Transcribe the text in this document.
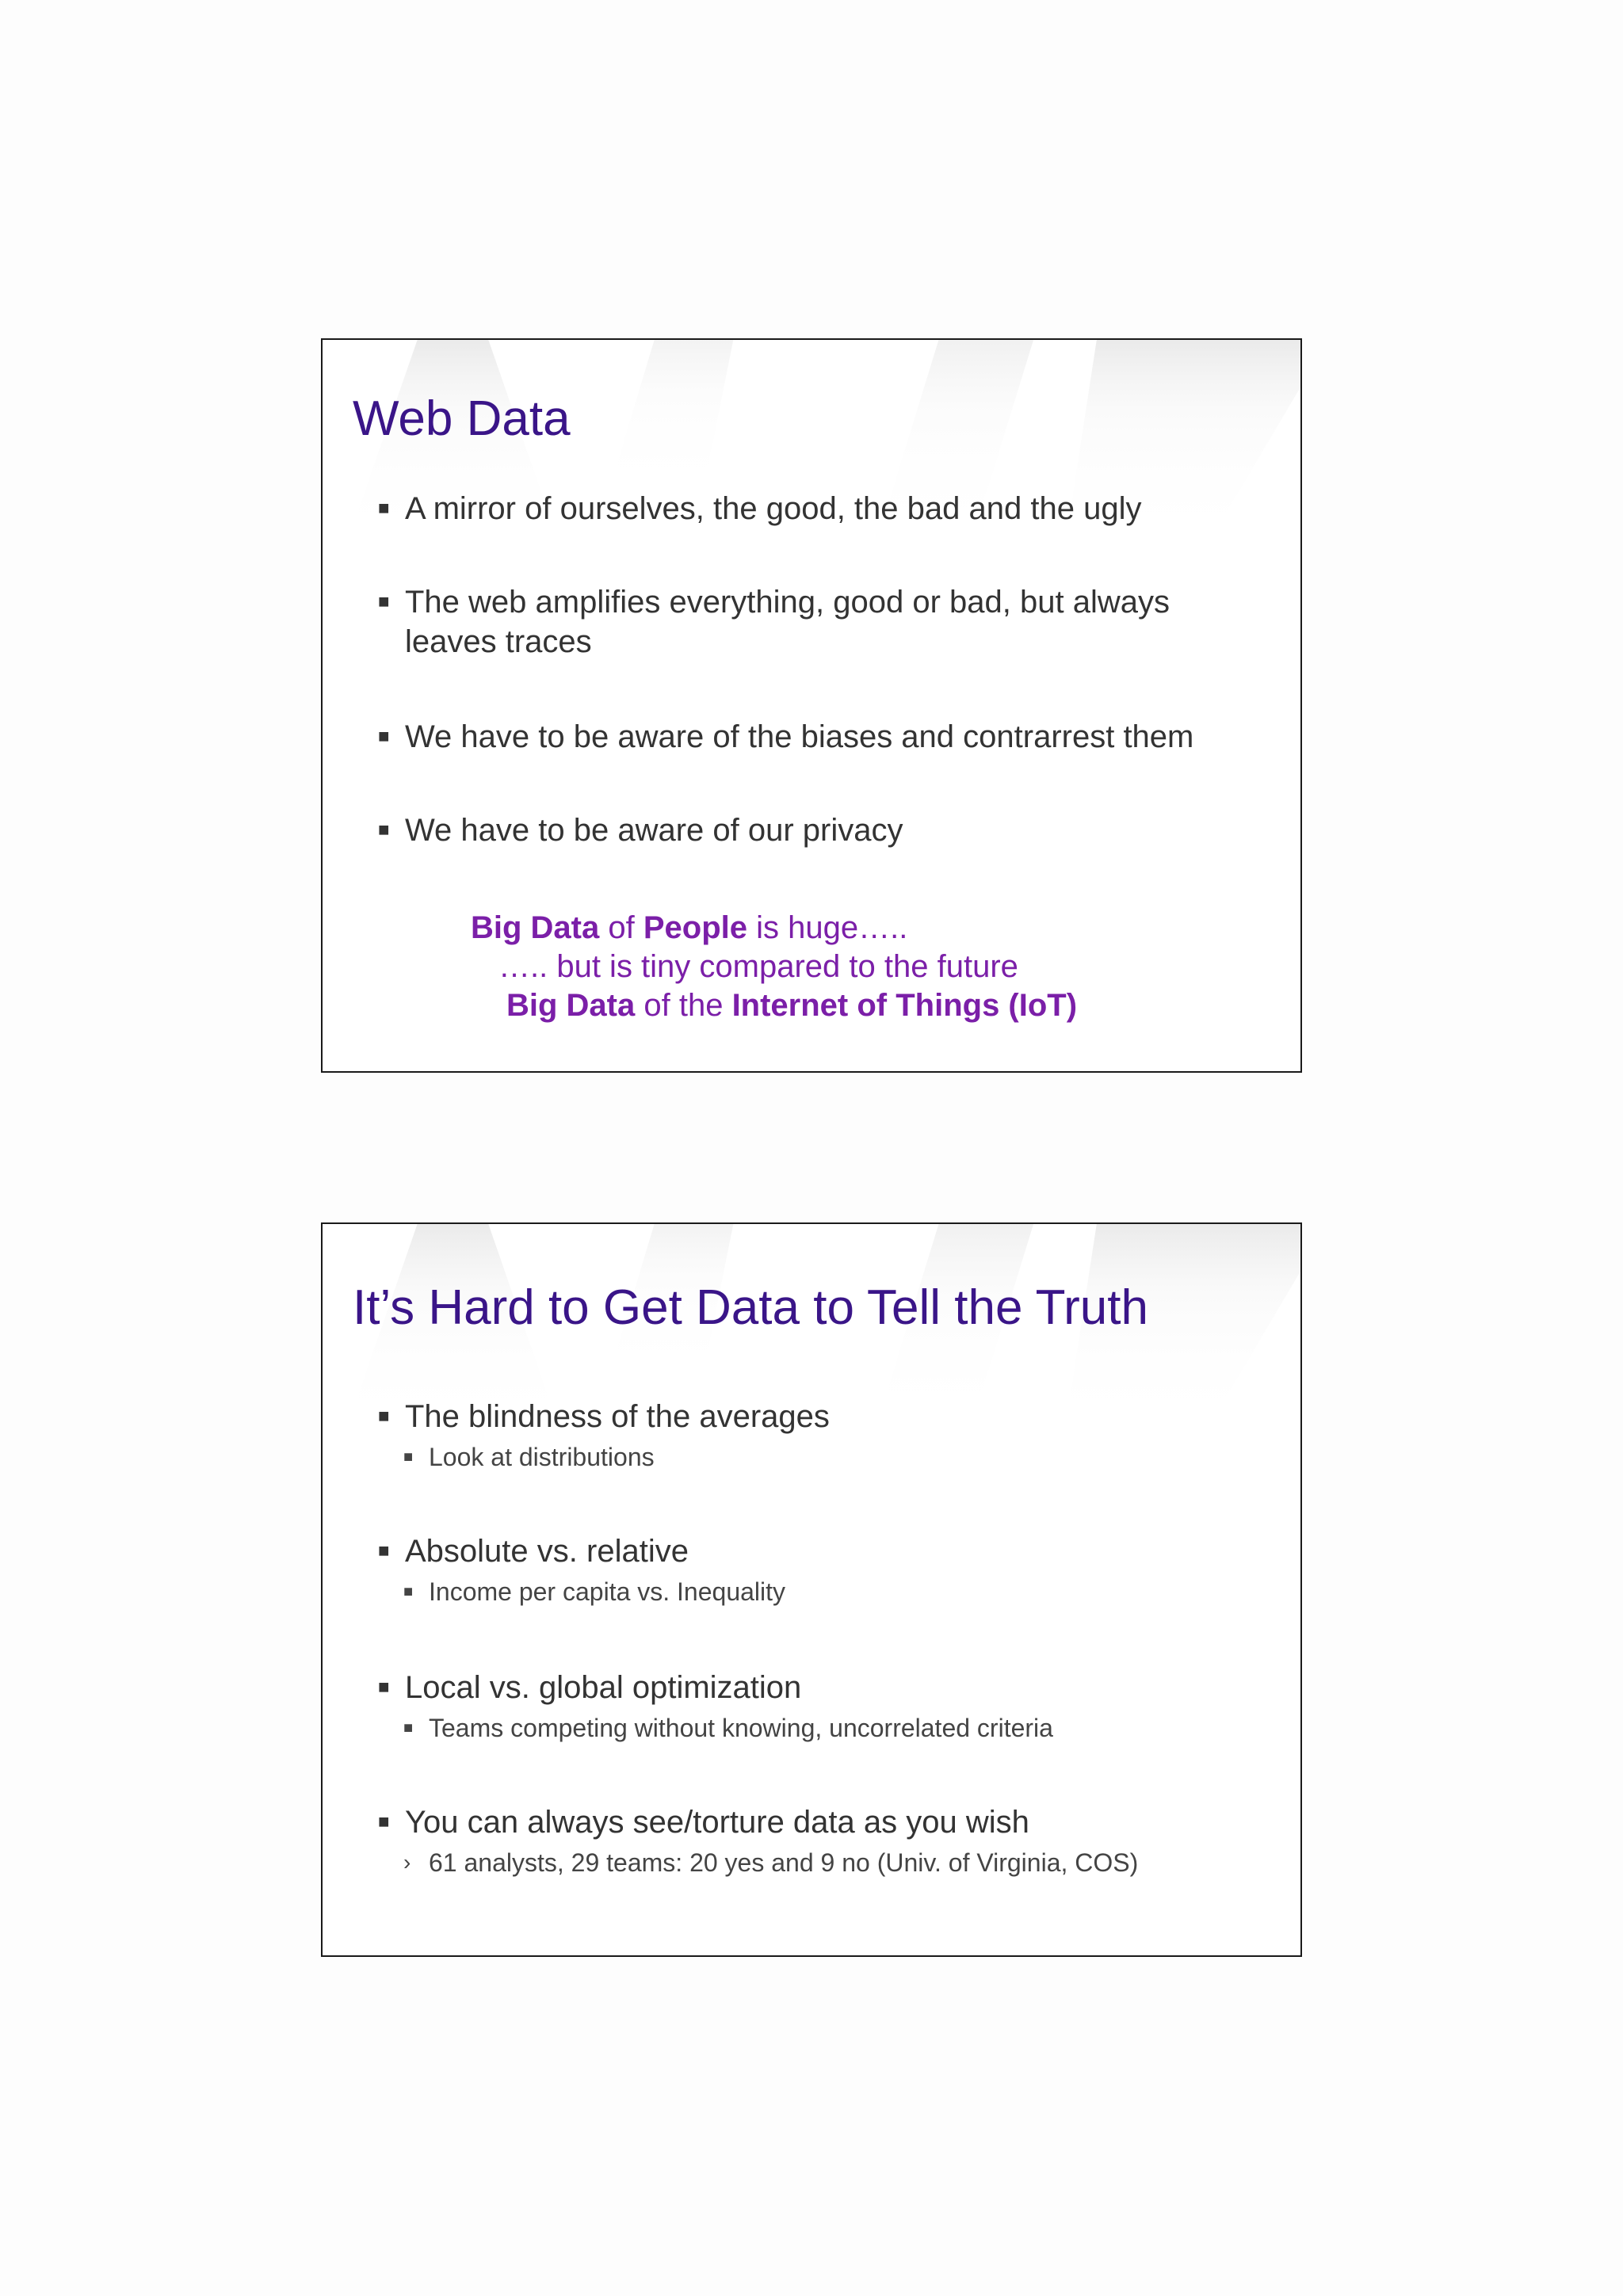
Web Data
■ A mirror of ourselves, the good, the bad and the ugly
■ The web amplifies everything, good or bad, but always leaves traces
■ We have to be aware of the biases and contrarrest them
■ We have to be aware of our privacy
Big Data of People is huge…..
….. but is tiny compared to the future
Big Data of the Internet of Things (IoT)
It’s Hard to Get Data to Tell the Truth
■ The blindness of the averages
■ Look at distributions
■ Absolute vs. relative
■ Income per capita vs. Inequality
■ Local vs. global optimization
■ Teams competing without knowing, uncorrelated criteria
■ You can always see/torture data as you wish
› 61 analysts, 29 teams: 20 yes and 9 no (Univ. of Virginia, COS)
